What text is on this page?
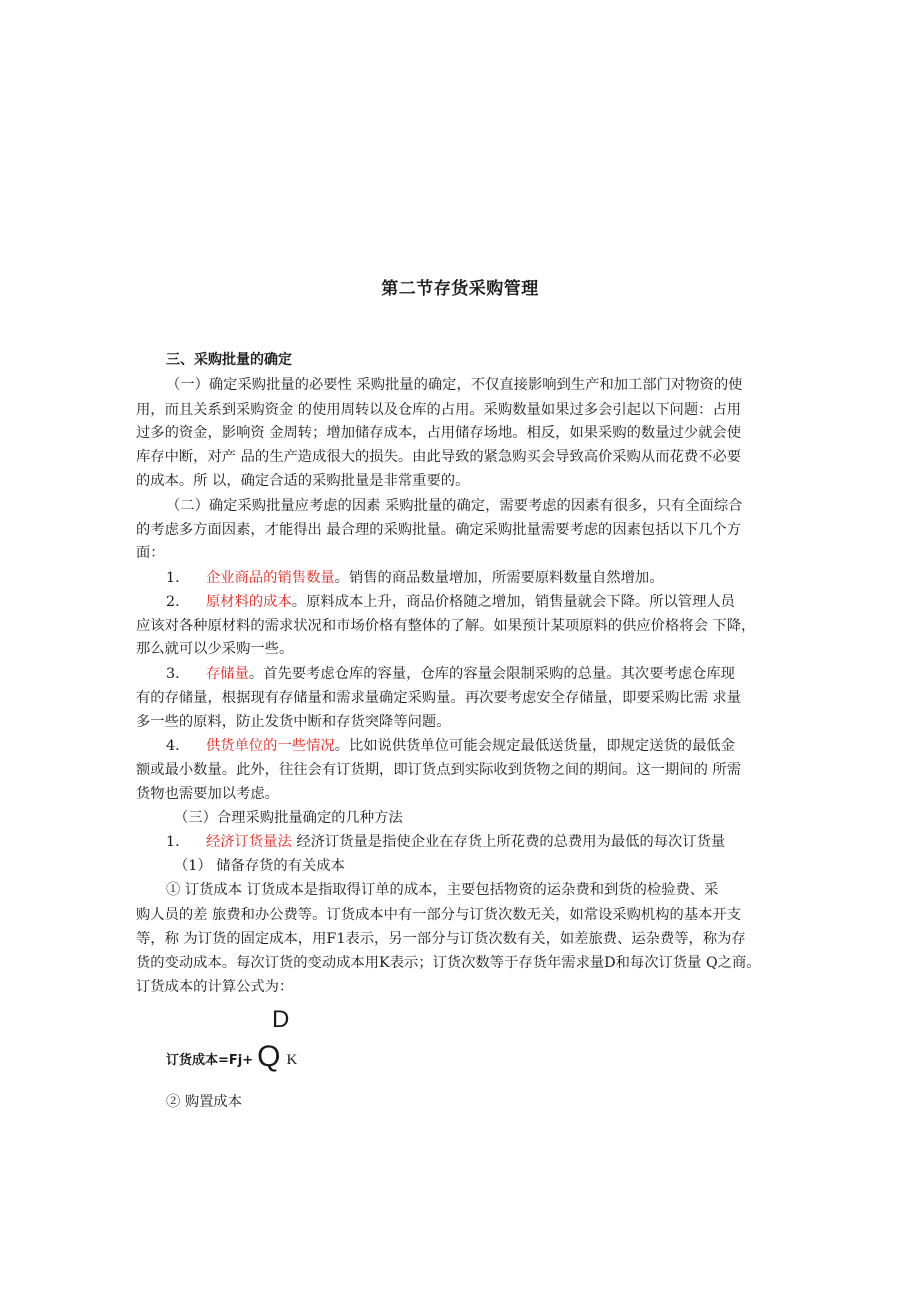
第二节存货采购管理
三、采购批量的确定
（一）确定采购批量的必要性 采购批量的确定，不仅直接影响到生产和加工部门对物资的使
用，而且关系到采购资金 的使用周转以及仓库的占用。采购数量如果过多会引起以下问题：占用
过多的资金，影响资 金周转；增加储存成本，占用储存场地。相反，如果采购的数量过少就会使
库存中断，对产 品的生产造成很大的损失。由此导致的紧急购买会导致高价采购从而花费不必要
的成本。所 以，确定合适的采购批量是非常重要的。
（二）确定采购批量应考虑的因素 采购批量的确定，需要考虑的因素有很多，只有全面综合
的考虑多方面因素，才能得出 最合理的采购批量。确定采购批量需要考虑的因素包括以下几个方
面：
1. 企业商品的销售数量。销售的商品数量增加，所需要原料数量自然增加。
2. 原材料的成本。原料成本上升，商品价格随之增加，销售量就会下降。所以管理人员
应该对各种原材料的需求状况和市场价格有整体的了解。如果预计某项原料的供应价格将会 下降，
那么就可以少采购一些。
3. 存储量。首先要考虑仓库的容量，仓库的容量会限制采购的总量。其次要考虑仓库现
有的存储量，根据现有存储量和需求量确定采购量。再次要考虑安全存储量，即要采购比需 求量
多一些的原料，防止发货中断和存货突降等问题。
4. 供货单位的一些情况。比如说供货单位可能会规定最低送货量，即规定送货的最低金
额或最小数量。此外，往往会有订货期，即订货点到实际收到货物之间的期间。这一期间的 所需
货物也需要加以考虑。
（三）合理采购批量确定的几种方法
1. 经济订货量法 经济订货量是指使企业在存货上所花费的总费用为最低的每次订货量
（1） 储备存货的有关成本
① 订货成本 订货成本是指取得订单的成本，主要包括物资的运杂费和到货的检验费、采
购人员的差 旅费和办公费等。订货成本中有一部分与订货次数无关，如常设采购机构的基本开支
等，称 为订货的固定成本，用F1表示，另一部分与订货次数有关，如差旅费、运杂费等，称为存
货的变动成本。每次订货的变动成本用K表示；订货次数等于存货年需求量D和每次订货量 Q之商。
订货成本的计算公式为：
D
订货成本=Fj+ Q K
② 购置成本
